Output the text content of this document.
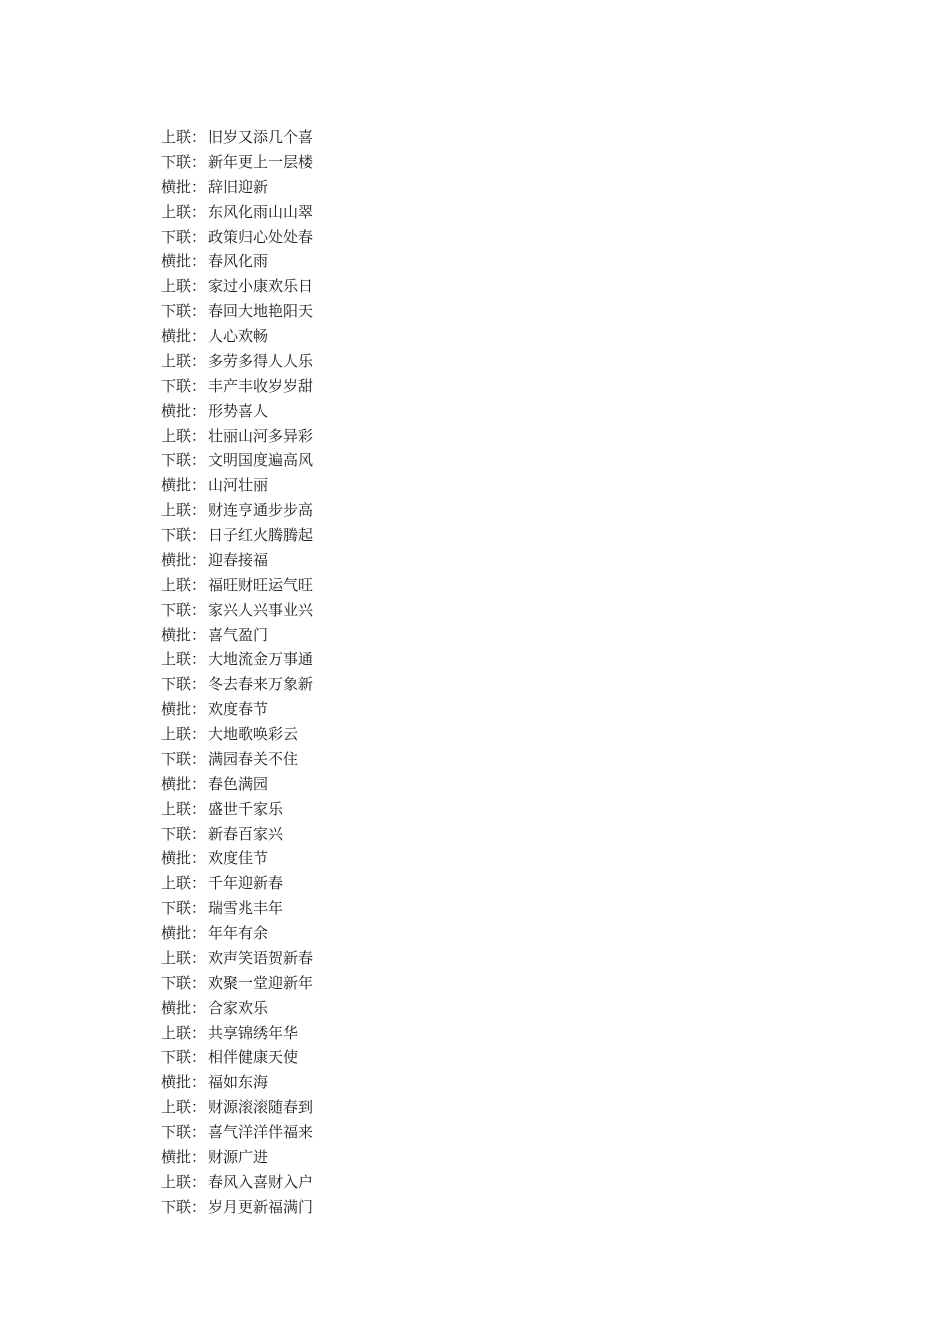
上联： 旧岁又添几个喜
下联： 新年更上一层楼
横批： 辞旧迎新
上联： 东风化雨山山翠
下联： 政策归心处处春
横批： 春风化雨
上联： 家过小康欢乐日
下联： 春回大地艳阳天
横批： 人心欢畅
上联： 多劳多得人人乐
下联： 丰产丰收岁岁甜
横批： 形势喜人
上联： 壮丽山河多异彩
下联： 文明国度遍高风
横批： 山河壮丽
上联： 财连亨通步步高
下联： 日子红火腾腾起
横批： 迎春接福
上联： 福旺财旺运气旺
下联： 家兴人兴事业兴
横批： 喜气盈门
上联： 大地流金万事通
下联： 冬去春来万象新
横批： 欢度春节
上联： 大地歌唤彩云
下联： 满园春关不住
横批： 春色满园
上联： 盛世千家乐
下联： 新春百家兴
横批： 欢度佳节
上联： 千年迎新春
下联： 瑞雪兆丰年
横批： 年年有余
上联： 欢声笑语贺新春
下联： 欢聚一堂迎新年
横批： 合家欢乐
上联： 共享锦绣年华
下联： 相伴健康天使
横批： 福如东海
上联： 财源滚滚随春到
下联： 喜气洋洋伴福来
横批： 财源广进
上联： 春风入喜财入户
下联： 岁月更新福满门
